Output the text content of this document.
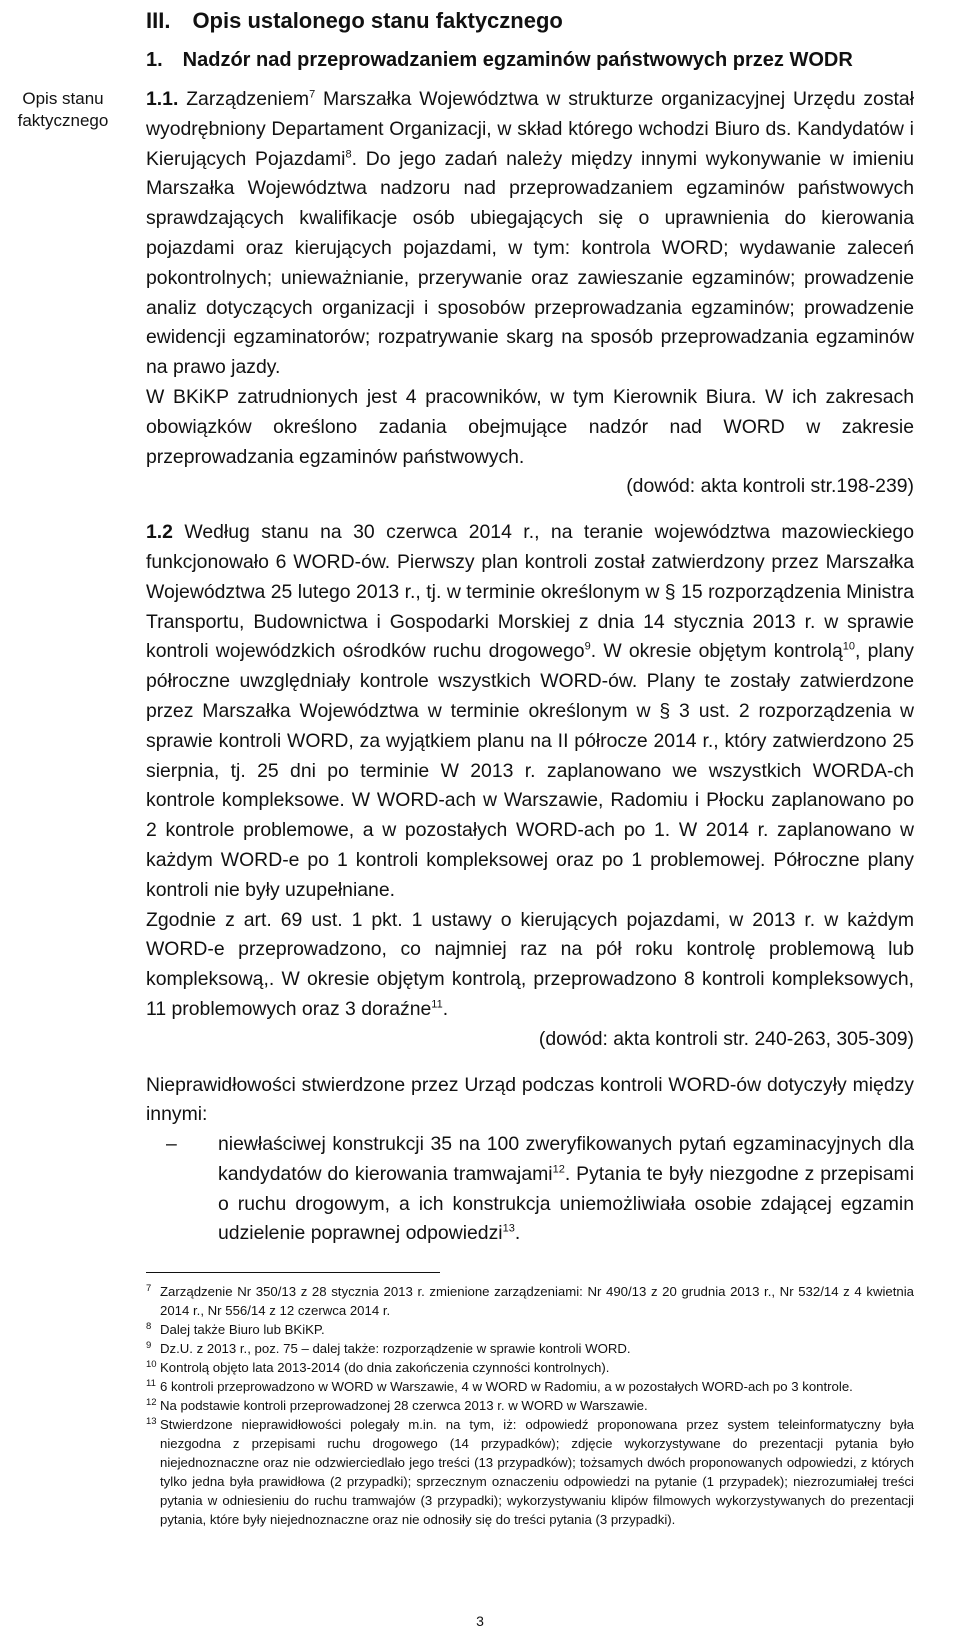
Opis stanu faktycznego
III. Opis ustalonego stanu faktycznego
1. Nadzór nad przeprowadzaniem egzaminów państwowych przez WODR

1.1. Zarządzeniem$^7$ Marszałka Województwa w strukturze organizacyjnej Urzędu został wyodrębniony Departament Organizacji, w skład którego wchodzi Biuro ds. Kandydatów i Kierujących Pojazdami$^8$. Do jego zadań należy między innymi wykonywanie w imieniu Marszałka Województwa nadzoru nad przeprowadzaniem egzaminów państwowych sprawdzających kwalifikacje osób ubiegających się o uprawnienia do kierowania pojazdami oraz kierujących pojazdami, w tym: kontrola WORD; wydawanie zaleceń pokontrolnych; unieważnianie, przerywanie oraz zawieszanie egzaminów; prowadzenie analiz dotyczących organizacji i sposobów przeprowadzania egzaminów; prowadzenie ewidencji egzaminatorów; rozpatrywanie skarg na sposób przeprowadzania egzaminów na prawo jazdy.

W BKiKP zatrudnionych jest 4 pracowników, w tym Kierownik Biura. W ich zakresach obowiązków określono zadania obejmujące nadzór nad WORD w zakresie przeprowadzania egzaminów państwowych.

(dowód: akta kontroli str.198-239)

1.2 Według stanu na 30 czerwca 2014 r., na teranie województwa mazowieckiego funkcjonowało 6 WORD-ów. Pierwszy plan kontroli został zatwierdzony przez Marszałka Województwa 25 lutego 2013 r., tj. w terminie określonym w § 15 rozporządzenia Ministra Transportu, Budownictwa i Gospodarki Morskiej z dnia 14 stycznia 2013 r. w sprawie kontroli wojewódzkich ośrodków ruchu drogowego$^9$. W okresie objętym kontrolą$^{10}$, plany półroczne uwzględniały kontrole wszystkich WORD-ów. Plany te zostały zatwierdzone przez Marszałka Województwa w terminie określonym w § 3 ust. 2 rozporządzenia w sprawie kontroli WORD, za wyjątkiem planu na II półrocze 2014 r., który zatwierdzono 25 sierpnia, tj. 25 dni po terminie W 2013 r. zaplanowano we wszystkich WORDA-ch kontrole kompleksowe. W WORD-ach w Warszawie, Radomiu i Płocku zaplanowano po 2 kontrole problemowe, a w pozostałych WORD-ach po 1. W 2014 r. zaplanowano w każdym WORD-e po 1 kontroli kompleksowej oraz po 1 problemowej. Półroczne plany kontroli nie były uzupełniane.

Zgodnie z art. 69 ust. 1 pkt. 1 ustawy o kierujących pojazdami, w 2013 r. w każdym WORD-e przeprowadzono, co najmniej raz na pół roku kontrolę problemową lub kompleksową,. W okresie objętym kontrolą, przeprowadzono 8 kontroli kompleksowych, 11 problemowych oraz 3 doraźne$^{11}$.

(dowód: akta kontroli str. 240-263, 305-309)

Nieprawidłowości stwierdzone przez Urząd podczas kontroli WORD-ów dotyczyły między innymi:

– niewłaściwej konstrukcji 35 na 100 zweryfikowanych pytań egzaminacyjnych dla kandydatów do kierowania tramwajami$^{12}$. Pytania te były niezgodne z przepisami o ruchu drogowym, a ich konstrukcja uniemożliwiała osobie zdającej egzamin udzielenie poprawnej odpowiedzi$^{13}$.

7 Zarządzenie Nr 350/13 z 28 stycznia 2013 r. zmienione zarządzeniami: Nr 490/13 z 20 grudnia 2013 r., Nr 532/14 z 4 kwietnia 2014 r., Nr 556/14 z 12 czerwca 2014 r.

8 Dalej także Biuro lub BKiKP.

9 Dz.U. z 2013 r., poz. 75 – dalej także: rozporządzenie w sprawie kontroli WORD.

10 Kontrolą objęto lata 2013-2014 (do dnia zakończenia czynności kontrolnych).

11 6 kontroli przeprowadzono w WORD w Warszawie, 4 w WORD w Radomiu, a w pozostałych WORD-ach po 3 kontrole.

12 Na podstawie kontroli przeprowadzonej 28 czerwca 2013 r. w WORD w Warszawie.

13 Stwierdzone nieprawidłowości polegały m.in. na tym, iż: odpowiedź proponowana przez system teleinformatyczny była niezgodna z przepisami ruchu drogowego (14 przypadków); zdjęcie wykorzystywane do prezentacji pytania było niejednoznaczne oraz nie odzwierciedlało jego treści (13 przypadków); tożsamych dwóch proponowanych odpowiedzi, z których tylko jedna była prawidłowa (2 przypadki); sprzecznym oznaczeniu odpowiedzi na pytanie (1 przypadek); niezrozumiałej treści pytania w odniesieniu do ruchu tramwajów (3 przypadki); wykorzystywaniu klipów filmowych wykorzystywanych do prezentacji pytania, które były niejednoznaczne oraz nie odnosiły się do treści pytania (3 przypadki).

3
